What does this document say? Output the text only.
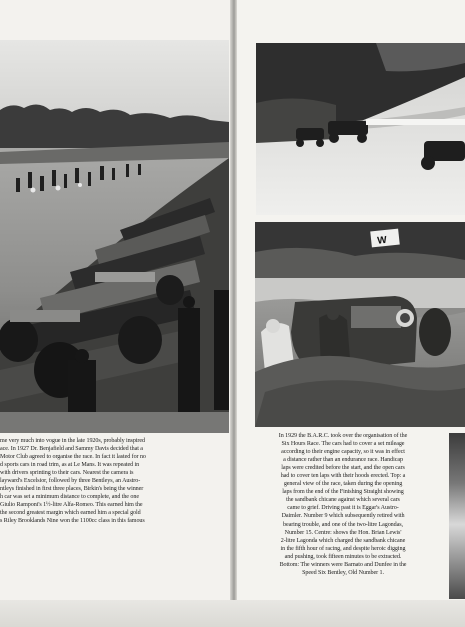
me very much into vogue in the late 1920s, probably inspired
ace. In 1927 Dr. Benjafield and Sammy Davis decided that a
Motor Club agreed to organise the race. In fact it lasted for no
d sports cars in road trim, as at Le Mans. It was repeated in
with drivers sprinting to their cars. Nearest the camera is
layward's Excelsior, followed by three Bentleys, an Austro-
ntleys finished in first three places, Birkin's being the winner
h car was set a minimum distance to complete, and the one
Giulio Ramponi's 1½-litre Alfa-Romeo. This earned him the
the second greatest margin which earned him a special gold
s Riley Brooklands Nine won the 1100cc class in this famous

W

In 1929 the B.A.R.C. took over the organisation of the
Six Hours Race. The cars had to cover a set mileage
according to their engine capacity, so it was in effect
a distance rather than an endurance race. Handicap
laps were credited before the start, and the open cars
had to cover ten laps with their hoods erected. Top: a
general view of the race, taken during the opening
laps from the end of the Finishing Straight showing
the sandbank chicane against which several cars
came to grief. Driving past it is Eggar's Austro-
Daimler. Number 9 which subsequently retired with
bearing trouble, and one of the two-litre Lagondas,
Number 15. Centre: shows the Hon. Brian Lewis'
2-litre Lagonda which charged the sandbank chicane
in the fifth hour of racing, and despite heroic digging
and pushing, took fifteen minutes to be extracted.
Bottom: The winners were Barnato and Dunfee in the
Speed Six Bentley, Old Number 1.
